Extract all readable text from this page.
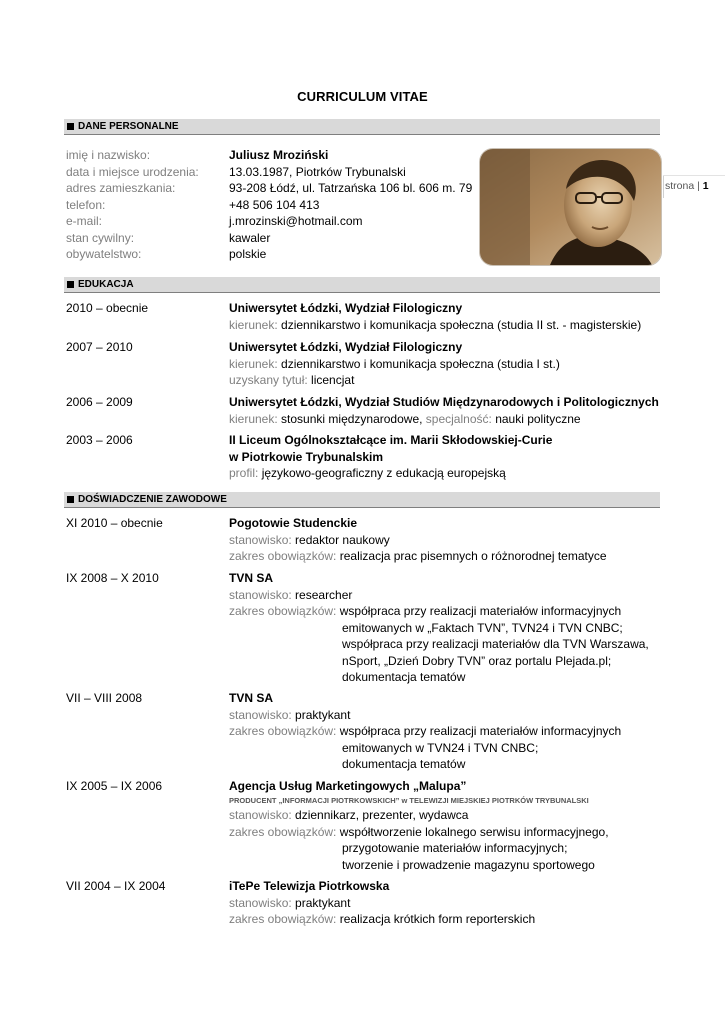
CURRICULUM VITAE
strona | 1
DANE PERSONALNE
imię i nazwisko:	Juliusz Mroziński
data i miejsce urodzenia:	13.03.1987, Piotrków Trybunalski
adres zamieszkania:	93-208 Łódź, ul. Tatrzańska 106 bl. 606 m. 79
telefon:	+48 506 104 413
e-mail:	j.mrozinski@hotmail.com
stan cywilny:	kawaler
obywatelstwo:	polskie
EDUKACJA
2010 – obecnie	Uniwersytet Łódzki, Wydział Filologiczny
kierunek: dziennikarstwo i komunikacja społeczna (studia II st. - magisterskie)
2007 – 2010	Uniwersytet Łódzki, Wydział Filologiczny
kierunek: dziennikarstwo i komunikacja społeczna (studia I st.)
uzyskany tytuł: licencjat
2006 – 2009	Uniwersytet Łódzki, Wydział Studiów Międzynarodowych i Politologicznych
kierunek: stosunki międzynarodowe, specjalność: nauki polityczne
2003 – 2006	II Liceum Ogólnokształcące im. Marii Skłodowskiej-Curie
w Piotrkowie Trybunalskim
profil: językowo-geograficzny z edukacją europejską
DOŚWIADCZENIE ZAWODOWE
XI 2010 – obecnie	Pogotowie Studenckie
stanowisko: redaktor naukowy
zakres obowiązków: realizacja prac pisemnych o różnorodnej tematyce
IX 2008 – X 2010	TVN SA
stanowisko: researcher
zakres obowiązków: współpraca przy realizacji materiałów informacyjnych
emitowanych w „Faktach TVN”, TVN24 i TVN CNBC;
współpraca przy realizacji materiałów dla TVN Warszawa,
nSport, „Dzień Dobry TVN” oraz portalu Plejada.pl;
dokumentacja tematów
VII – VIII 2008	TVN SA
stanowisko: praktykant
zakres obowiązków: współpraca przy realizacji materiałów informacyjnych
emitowanych w TVN24 i TVN CNBC;
dokumentacja tematów
IX 2005 – IX 2006	Agencja Usług Marketingowych „Malupa”
PRODUCENT „INFORMACJI PIOTRKOWSKICH” w TELEWIZJI MIEJSKIEJ PIOTRKÓW TRYBUNALSKI
stanowisko: dziennikarz, prezenter, wydawca
zakres obowiązków: współtworzenie lokalnego serwisu informacyjnego,
przygotowanie materiałów informacyjnych;
tworzenie i prowadzenie magazynu sportowego
VII 2004 – IX 2004	iTePe Telewizja Piotrkowska
stanowisko: praktykant
zakres obowiązków: realizacja krótkich form reporterskich
